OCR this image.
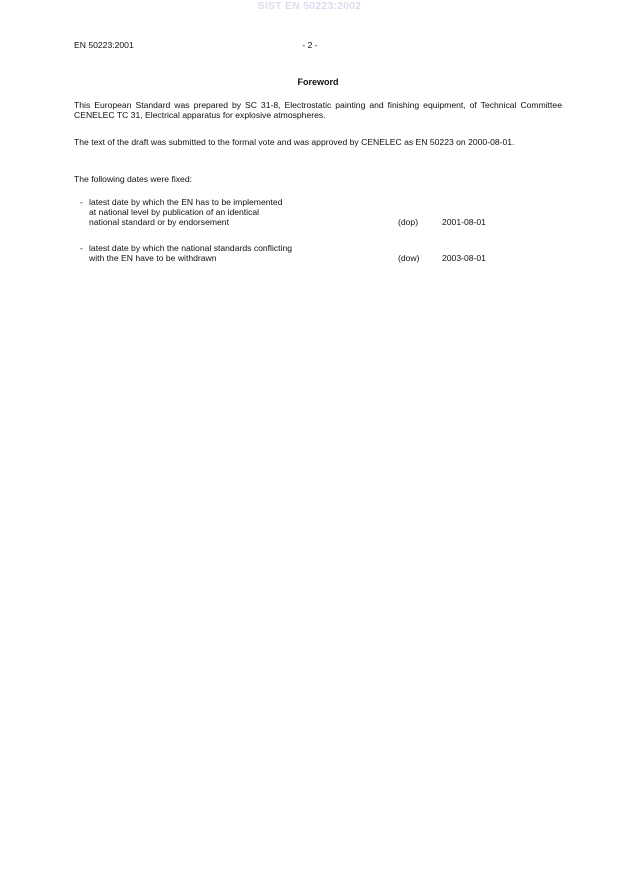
SIST EN 50223:2002
EN 50223:2001	- 2 -
Foreword
This European Standard was prepared by SC 31-8, Electrostatic painting and finishing equipment, of Technical Committee CENELEC TC 31, Electrical apparatus for explosive atmospheres.
The text of the draft was submitted to the formal vote and was approved by CENELEC as EN 50223 on 2000-08-01.
The following dates were fixed:
- latest date by which the EN has to be implemented
at national level by publication of an identical
national standard or by endorsement	(dop)	2001-08-01
- latest date by which the national standards conflicting
with the EN have to be withdrawn	(dow)	2003-08-01
